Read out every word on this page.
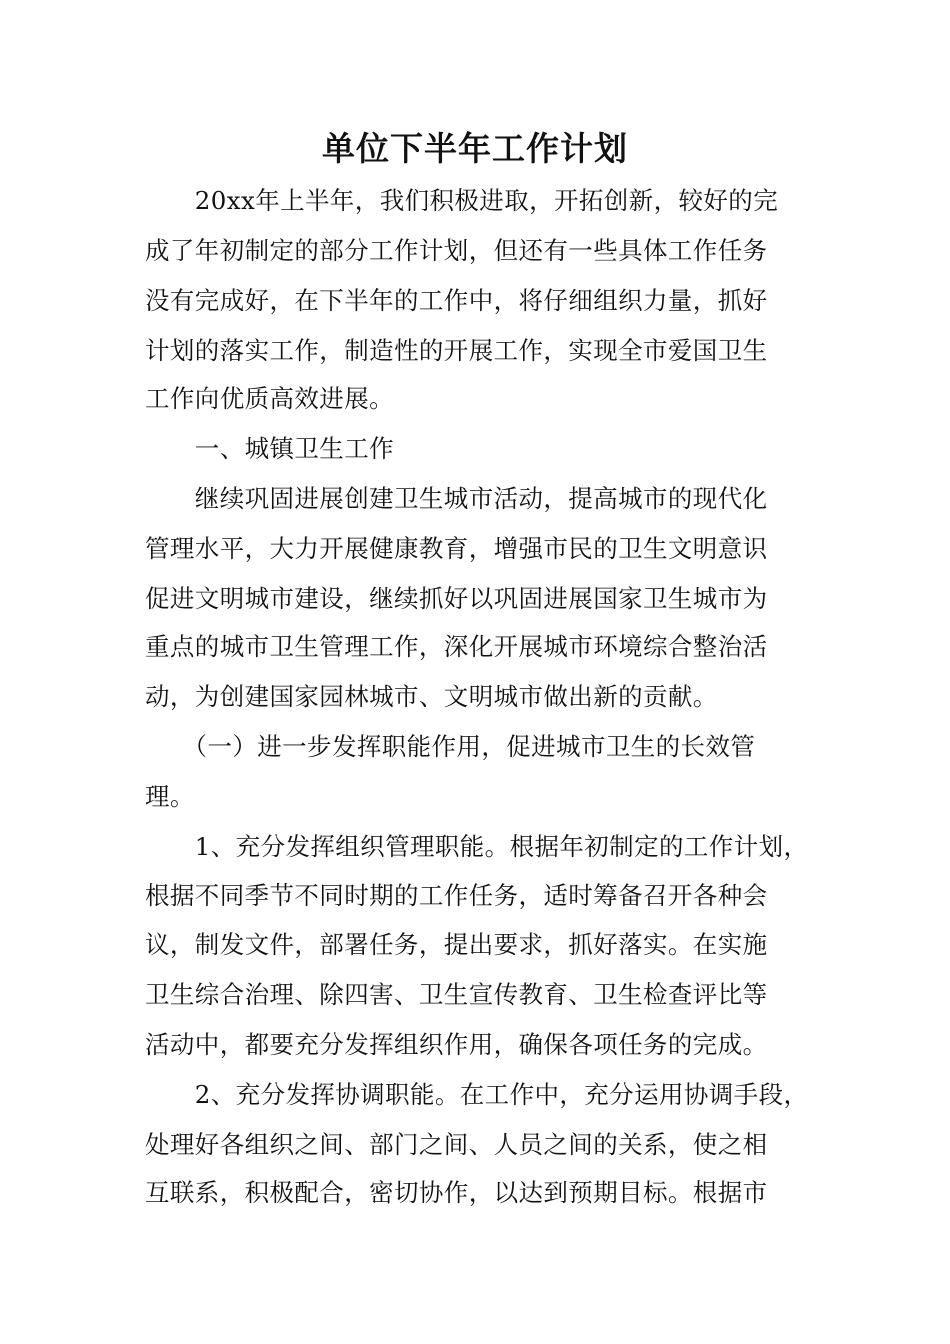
单位下半年工作计划
　　20xx年上半年，我们积极进取，开拓创新，较好的完
成了年初制定的部分工作计划，但还有一些具体工作任务
没有完成好，在下半年的工作中，将仔细组织力量，抓好
计划的落实工作，制造性的开展工作，实现全市爱国卫生
工作向优质高效进展。
　　一、城镇卫生工作
　　继续巩固进展创建卫生城市活动，提高城市的现代化
管理水平，大力开展健康教育，增强市民的卫生文明意识
促进文明城市建设，继续抓好以巩固进展国家卫生城市为
重点的城市卫生管理工作，深化开展城市环境综合整治活
动，为创建国家园林城市、文明城市做出新的贡献。
　　（一）进一步发挥职能作用，促进城市卫生的长效管
理。
　　1、充分发挥组织管理职能。根据年初制定的工作计划，
根据不同季节不同时期的工作任务，适时筹备召开各种会
议，制发文件，部署任务，提出要求，抓好落实。在实施
卫生综合治理、除四害、卫生宣传教育、卫生检查评比等
活动中，都要充分发挥组织作用，确保各项任务的完成。
　　2、充分发挥协调职能。在工作中，充分运用协调手段，
处理好各组织之间、部门之间、人员之间的关系，使之相
互联系，积极配合，密切协作，以达到预期目标。根据市
